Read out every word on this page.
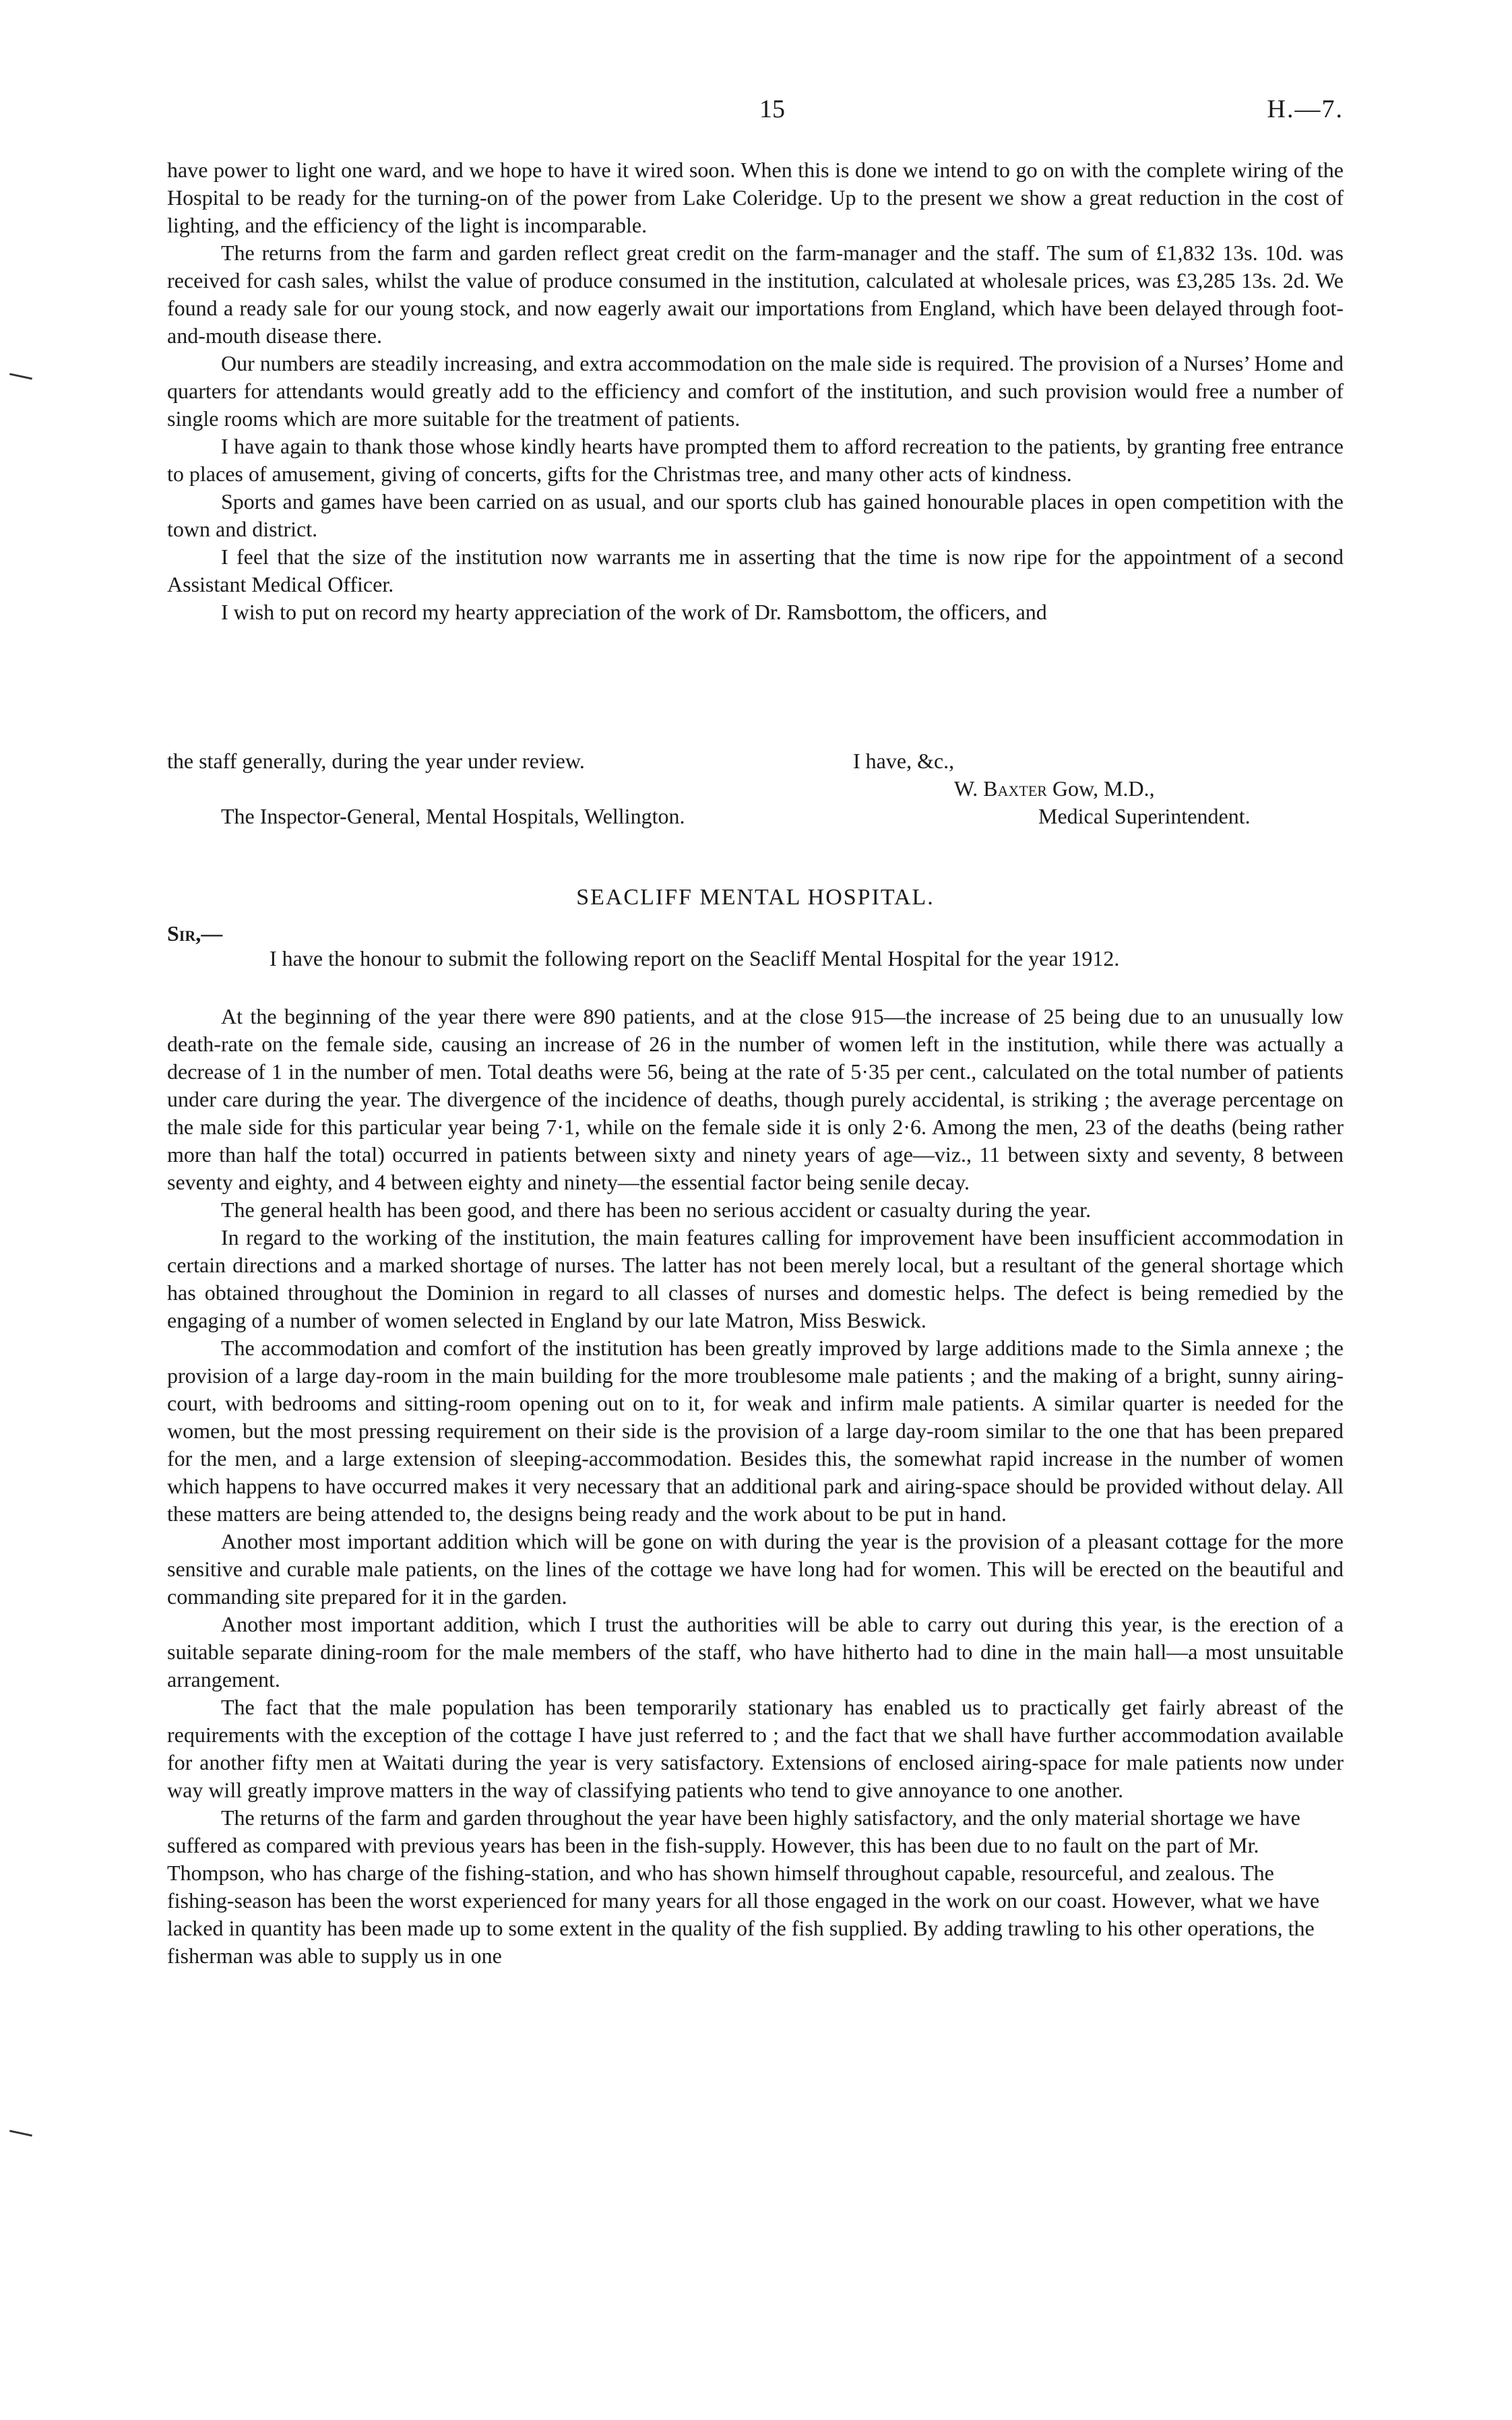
15	H.—7.

have power to light one ward, and we hope to have it wired soon. When this is done we intend to go on with the complete wiring of the Hospital to be ready for the turning-on of the power from Lake Coleridge. Up to the present we show a great reduction in the cost of lighting, and the efficiency of the light is incomparable.

The returns from the farm and garden reflect great credit on the farm-manager and the staff. The sum of £1,832 13s. 10d. was received for cash sales, whilst the value of produce consumed in the institution, calculated at wholesale prices, was £3,285 13s. 2d. We found a ready sale for our young stock, and now eagerly await our importations from England, which have been delayed through foot-and-mouth disease there.

Our numbers are steadily increasing, and extra accommodation on the male side is required. The provision of a Nurses’ Home and quarters for attendants would greatly add to the efficiency and comfort of the institution, and such provision would free a number of single rooms which are more suitable for the treatment of patients.

I have again to thank those whose kindly hearts have prompted them to afford recreation to the patients, by granting free entrance to places of amusement, giving of concerts, gifts for the Christmas tree, and many other acts of kindness.

Sports and games have been carried on as usual, and our sports club has gained honourable places in open competition with the town and district.

I feel that the size of the institution now warrants me in asserting that the time is now ripe for the appointment of a second Assistant Medical Officer.

I wish to put on record my hearty appreciation of the work of Dr. Ramsbottom, the officers, and

the staff generally, during the year under review.	I have, &c.,
W. Baxter Gow, M.D.,
The Inspector-General, Mental Hospitals, Wellington.	Medical Superintendent.
SEACLIFF MENTAL HOSPITAL.
Sir,—

I have the honour to submit the following report on the Seacliff Mental Hospital for the year 1912.

At the beginning of the year there were 890 patients, and at the close 915—the increase of 25 being due to an unusually low death-rate on the female side, causing an increase of 26 in the number of women left in the institution, while there was actually a decrease of 1 in the number of men. Total deaths were 56, being at the rate of 5·35 per cent., calculated on the total number of patients under care during the year. The divergence of the incidence of deaths, though purely accidental, is striking ; the average percentage on the male side for this particular year being 7·1, while on the female side it is only 2·6. Among the men, 23 of the deaths (being rather more than half the total) occurred in patients between sixty and ninety years of age—viz., 11 between sixty and seventy, 8 between seventy and eighty, and 4 between eighty and ninety—the essential factor being senile decay.

The general health has been good, and there has been no serious accident or casualty during the year.

In regard to the working of the institution, the main features calling for improvement have been insufficient accommodation in certain directions and a marked shortage of nurses. The latter has not been merely local, but a resultant of the general shortage which has obtained throughout the Dominion in regard to all classes of nurses and domestic helps. The defect is being remedied by the engaging of a number of women selected in England by our late Matron, Miss Beswick.

The accommodation and comfort of the institution has been greatly improved by large additions made to the Simla annexe ; the provision of a large day-room in the main building for the more troublesome male patients ; and the making of a bright, sunny airing-court, with bedrooms and sitting-room opening out on to it, for weak and infirm male patients. A similar quarter is needed for the women, but the most pressing requirement on their side is the provision of a large day-room similar to the one that has been prepared for the men, and a large extension of sleeping-accommodation. Besides this, the somewhat rapid increase in the number of women which happens to have occurred makes it very necessary that an additional park and airing-space should be provided without delay. All these matters are being attended to, the designs being ready and the work about to be put in hand.

Another most important addition which will be gone on with during the year is the provision of a pleasant cottage for the more sensitive and curable male patients, on the lines of the cottage we have long had for women. This will be erected on the beautiful and commanding site prepared for it in the garden.

Another most important addition, which I trust the authorities will be able to carry out during this year, is the erection of a suitable separate dining-room for the male members of the staff, who have hitherto had to dine in the main hall—a most unsuitable arrangement.

The fact that the male population has been temporarily stationary has enabled us to practically get fairly abreast of the requirements with the exception of the cottage I have just referred to ; and the fact that we shall have further accommodation available for another fifty men at Waitati during the year is very satisfactory. Extensions of enclosed airing-space for male patients now under way will greatly improve matters in the way of classifying patients who tend to give annoyance to one another.

The returns of the farm and garden throughout the year have been highly satisfactory, and the only material shortage we have suffered as compared with previous years has been in the fish-supply. However, this has been due to no fault on the part of Mr. Thompson, who has charge of the fishing-station, and who has shown himself throughout capable, resourceful, and zealous. The fishing-season has been the worst experienced for many years for all those engaged in the work on our coast. However, what we have lacked in quantity has been made up to some extent in the quality of the fish supplied. By adding trawling to his other operations, the fisherman was able to supply us in one
